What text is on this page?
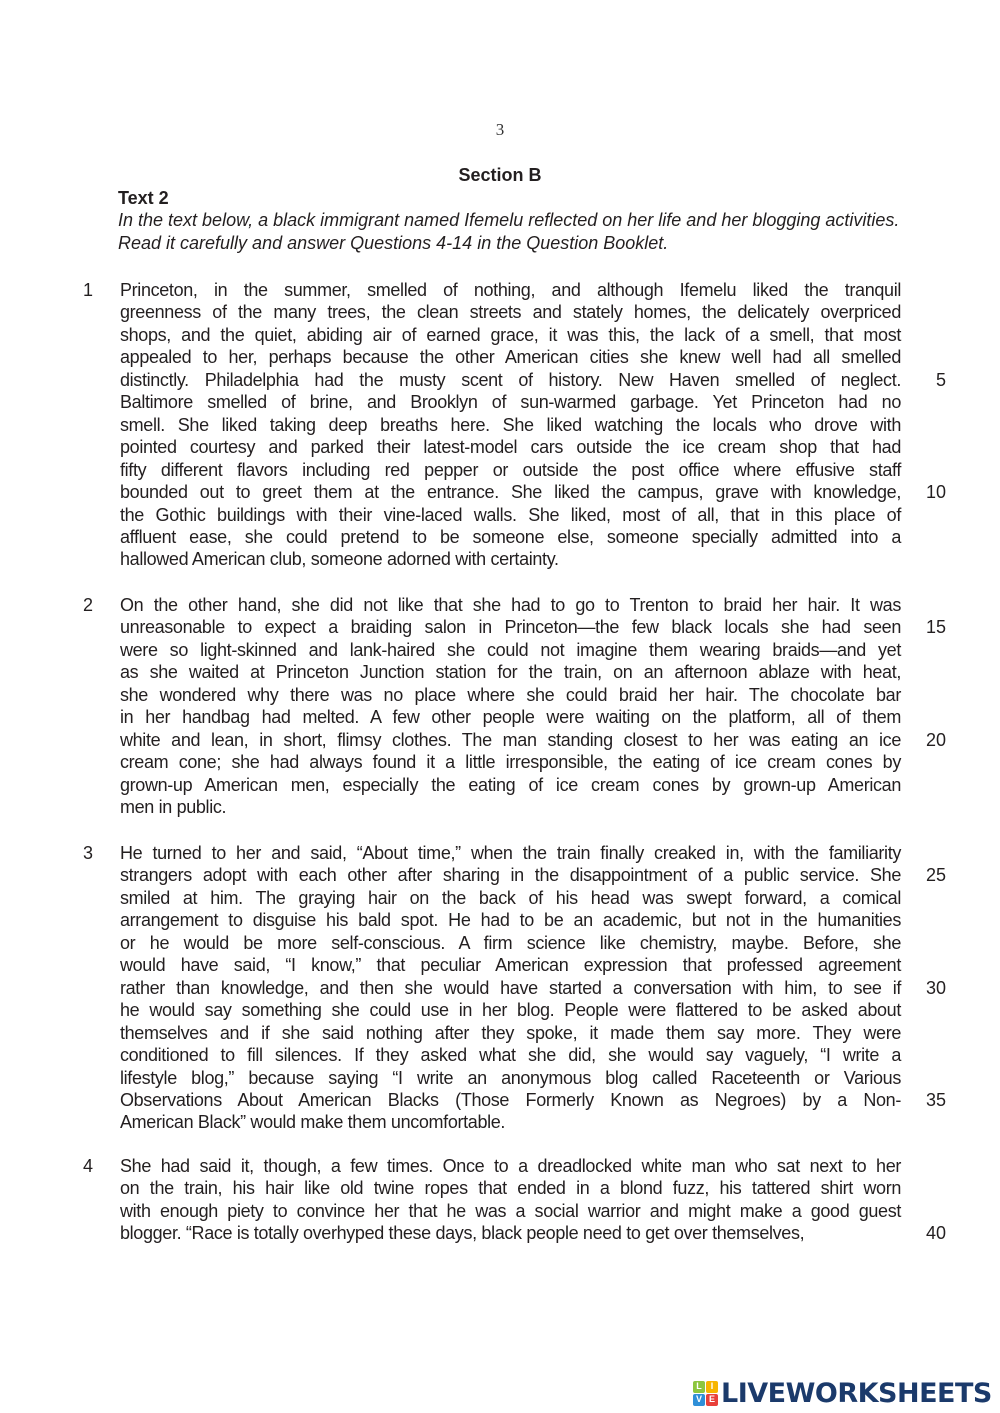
3
Section B
Text 2
In the text below, a black immigrant named Ifemelu reflected on her life and her blogging activities. Read it carefully and answer Questions 4-14 in the Question Booklet.
1 Princeton, in the summer, smelled of nothing, and although Ifemelu liked the tranquil
greenness of the many trees, the clean streets and stately homes, the delicately overpriced
shops, and the quiet, abiding air of earned grace, it was this, the lack of a smell, that most
appealed to her, perhaps because the other American cities she knew well had all smelled
distinctly. Philadelphia had the musty scent of history. New Haven smelled of neglect.	5
Baltimore smelled of brine, and Brooklyn of sun-warmed garbage. Yet Princeton had no
smell. She liked taking deep breaths here. She liked watching the locals who drove with
pointed courtesy and parked their latest-model cars outside the ice cream shop that had
fifty different flavors including red pepper or outside the post office where effusive staff
bounded out to greet them at the entrance. She liked the campus, grave with knowledge,	10
the Gothic buildings with their vine-laced walls. She liked, most of all, that in this place of
affluent ease, she could pretend to be someone else, someone specially admitted into a
hallowed American club, someone adorned with certainty.
2 On the other hand, she did not like that she had to go to Trenton to braid her hair. It was
unreasonable to expect a braiding salon in Princeton—the few black locals she had seen	15
were so light-skinned and lank-haired she could not imagine them wearing braids—and yet
as she waited at Princeton Junction station for the train, on an afternoon ablaze with heat,
she wondered why there was no place where she could braid her hair. The chocolate bar
in her handbag had melted. A few other people were waiting on the platform, all of them
white and lean, in short, flimsy clothes. The man standing closest to her was eating an ice	20
cream cone; she had always found it a little irresponsible, the eating of ice cream cones by
grown-up American men, especially the eating of ice cream cones by grown-up American
men in public.
3 He turned to her and said, “About time,” when the train finally creaked in, with the familiarity
strangers adopt with each other after sharing in the disappointment of a public service. She	25
smiled at him. The graying hair on the back of his head was swept forward, a comical
arrangement to disguise his bald spot. He had to be an academic, but not in the humanities
or he would be more self-conscious. A firm science like chemistry, maybe. Before, she
would have said, “I know,” that peculiar American expression that professed agreement
rather than knowledge, and then she would have started a conversation with him, to see if	30
he would say something she could use in her blog. People were flattered to be asked about
themselves and if she said nothing after they spoke, it made them say more. They were
conditioned to fill silences. If they asked what she did, she would say vaguely, “I write a
lifestyle blog,” because saying “I write an anonymous blog called Raceteenth or Various
Observations About American Blacks (Those Formerly Known as Negroes) by a Non-	35
American Black” would make them uncomfortable.
4 She had said it, though, a few times. Once to a dreadlocked white man who sat next to her
on the train, his hair like old twine ropes that ended in a blond fuzz, his tattered shirt worn
with enough piety to convince her that he was a social warrior and might make a good guest
blogger. “Race is totally overhyped these days, black people need to get over themselves,	40
L I
V E LIVEWORKSHEETS
